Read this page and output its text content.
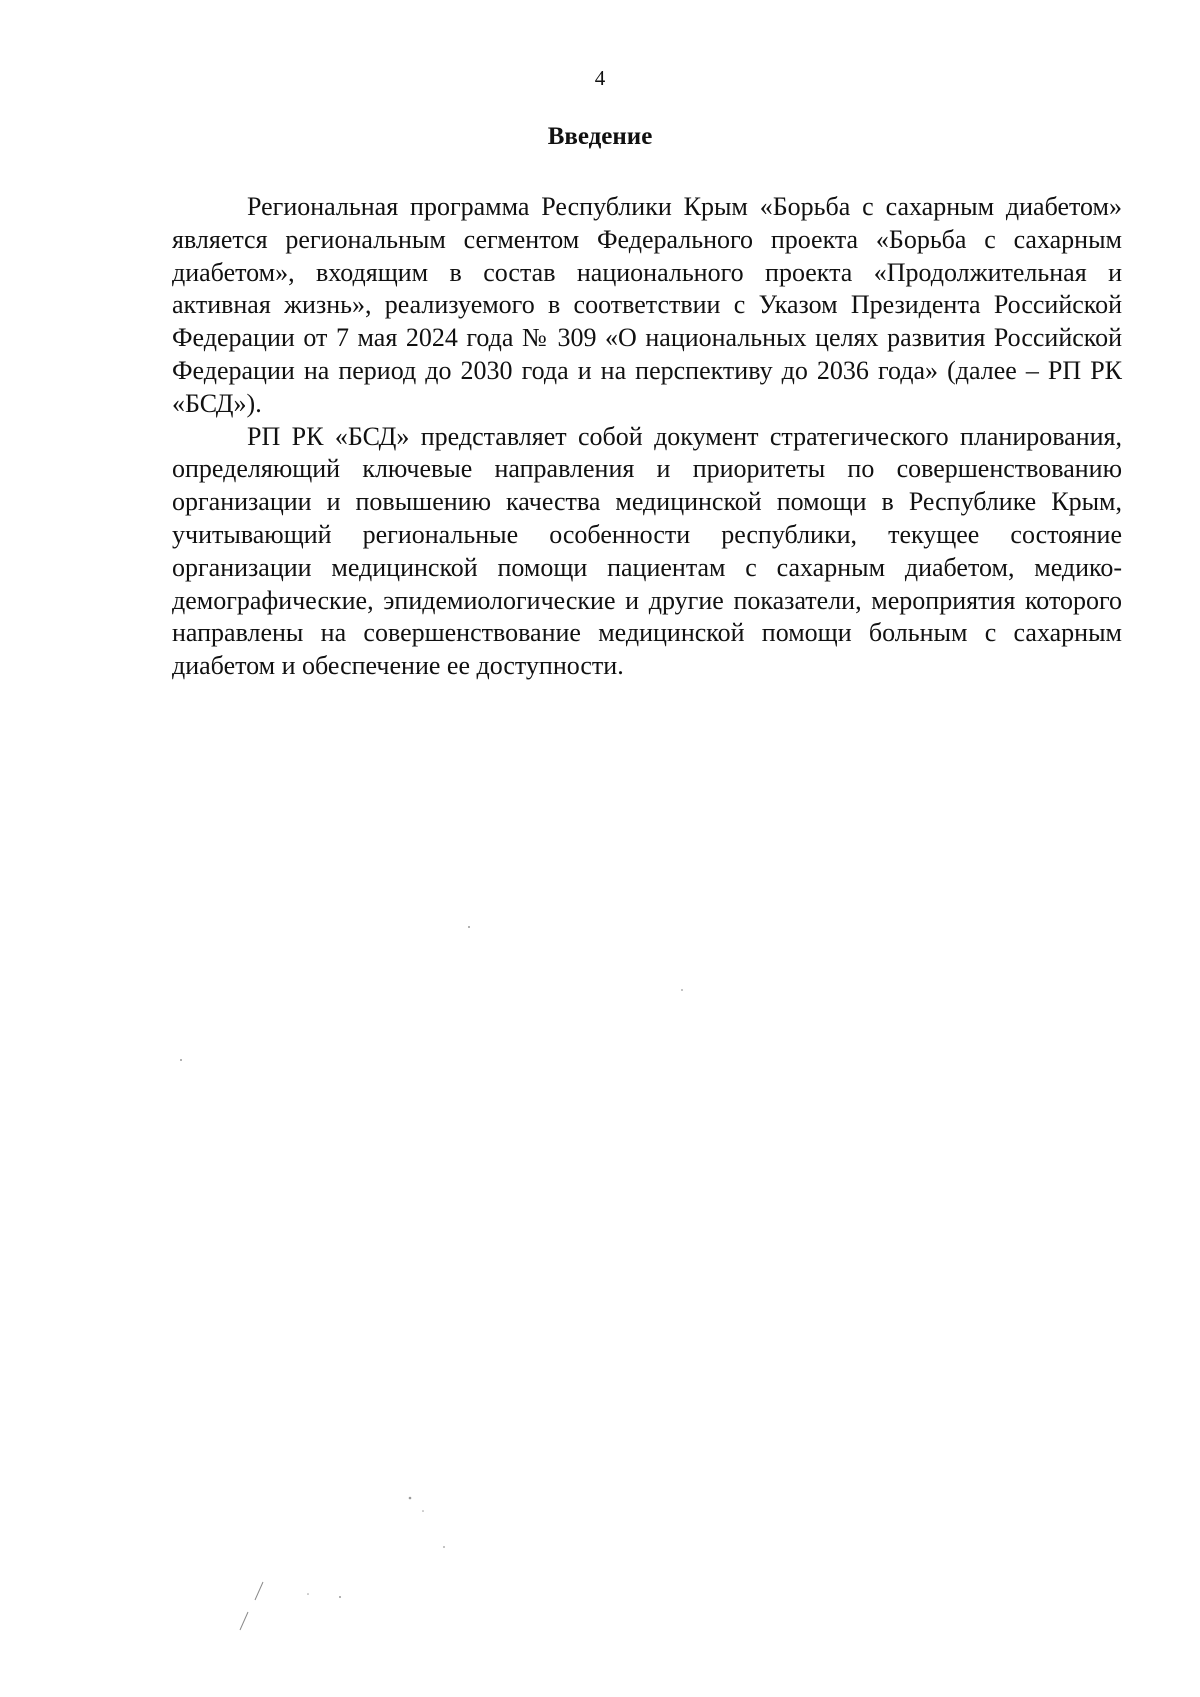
4
Введение

Региональная программа Республики Крым «Борьба с сахарным диабетом» является региональным сегментом Федерального проекта «Борьба с сахарным диабетом», входящим в состав национального проекта «Продолжительная и активная жизнь», реализуемого в соответствии с Указом Президента Российской Федерации от 7 мая 2024 года № 309 «О национальных целях развития Российской Федерации на период до 2030 года и на перспективу до 2036 года» (далее – РП РК «БСД»).

РП РК «БСД» представляет собой документ стратегического планирования, определяющий ключевые направления и приоритеты по совершенствованию организации и повышению качества медицинской помощи в Республике Крым, учитывающий региональные особенности республики, текущее состояние организации медицинской помощи пациентам с сахарным диабетом, медико-демографические, эпидемиологические и другие показатели, мероприятия которого направлены на совершенствование медицинской помощи больным с сахарным диабетом и обеспечение ее доступности.
